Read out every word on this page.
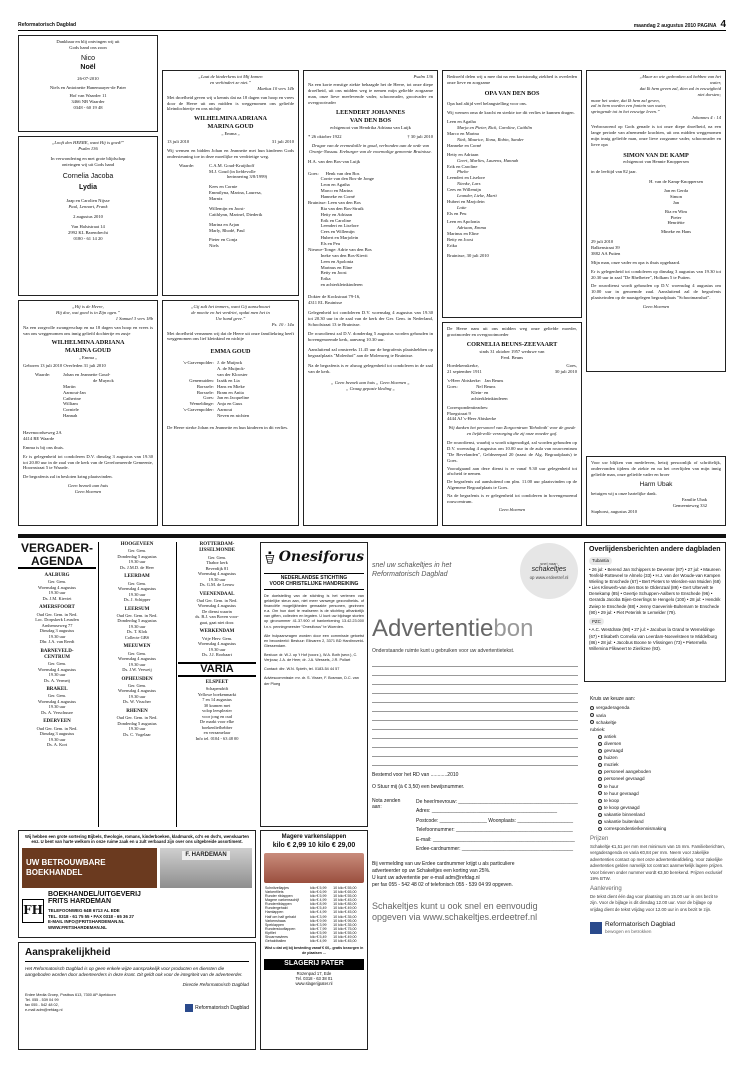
Reformatorisch Dagblad	maandag 2 augustus 2010 PAGINA 4
Dankbaar en blij ontvingen wij uit
Gods hand ons zoon
Nico
Noël
26-07-2010
Niels en Antoinette Hanemaayer-de Pater
Hof van Waarder 11
3466 NB Waarder
0348 - 60 19 48
„Looft den HEERE, want Hij is goed!”
Psalm 136
In verwondering en met grote blijdschap
ontvingen wij uit Gods hand
Cornelia Jacoba
Lydia
Jaap en Carolien Nijsse
Paul, Lennart, Frank
2 augustus 2010
Van Halststraat 14
2992 KL Barendrecht
0180 - 61 14 20
„Hij is de Heere,
Hij doe, wat goed is in Zijn ogen.”
1 Samuel 3 vers 18b
Na een zorgvolle zwangerschap en na 18 dagen van hoop en vrees is van ons weggenomen ons innig geliefd dochtertje en zusje
WILHELMINA ADRIANA
MARINA GOUD
„ Emma „
Geboren 13 juli 2010 Overleden 31 juli 2010
Waarde:	Johan en Jeannette Goud-
de Muynck
Martin
Aarnout-Jan
Catherine
William
Corniele
Hannah
Havenoordseweg 2A
4414 RE Waarde
Emma is bij ons thuis.
Er is gelegenheid tot condoleren D.V. dinsdag 3 augustus van 19.30 tot 20.00 uur in de zaal van de kerk van de Gereformeerde Gemeente, Hoornstraat 5 te Waarde.
De begrafenis zal in besloten kring plaatsvinden.
Geen bezoek aan huis
Geen bloemen
„Laat de kinderkens tot Mij komen
en verhindert ze niet.”
Markus 10 vers 14b
Met droefheid geven wij u kennis dat na 18 dagen van hoop en vrees door de Heere uit ons midden is weggenomen ons geliefde kleindochtertje en ons nichtje
WILHELMINA ADRIANA
MARINA GOUD
„ Emma „
13 juli 2010	31 juli 2010
Wij wensen en bidden Johan en Jeannette met hun kinderen Gods ondersteuning toe in deze moeilijke en verdrietige weg.
Waarde:	C.A.M. Goud-Kruijthoff
M.J. Goud (in liefdevolle
herinnering 3/8/1999)
Kees en Cornie
Emmilyna, Marina, Lauresa,
Marnix
Willemijn en Joost-
Caithlynn, Marinel, Diederik
Marina en Arjan
Marly, Rhodé, Paul
Pieter en Conja
Niels
„Gij zult het immers, want Gij aanschouwt
de moeite en het verdriet, opdat men het in
Uw hand geve.”
Ps. 10 : 14a
Met droefheid vernamen wij dat de Heere uit onze familiekring heeft weggenomen ons lief kleinkind en nichtje
EMMA GOUD
's-Gravenpolder: J. de Muijnck
A. de Muijnck-
van der Klooster
Genemuiden: Izaäk en Lia
Borssele: Hans en Mieke
Borssele: Bram en Anita
Goes: Jan en Jacqueline
Wemeldinge: Anja en Guus
's-Gravenpolder: Aarnout
Neven en nichten
De Heere sterke Johan en Jeannette en hun kinderen in dit verlies.
Psalm 136
Na een korte ernstige ziekte behaagde het de Heere, tot onze diepe droefheid, uit ons midden weg te nemen mijn geliefde zorgzame man, onze lieve meelevende vader, schoonvader, grootvader en overgrootvader
LEENDERT JOHANNES
VAN DEN BOS
echtgenoot van Hendrika Adriana van Luijk
* 26 oktober 1922	† 30 juli 2010
Dragar van de eremedaille in goud, verbonden aan de orde van Oranje-Nassau. Ereburger van de voormalige gemeente Bruinisse.
H.A. van den Bos-van Luijk

Goes:      Henk van den Bos
Corrie van den Bos-de Jonge
Leon en Agatha
Marco en Marina
Hanneke en Corné
Bruinisse: Leen van den Bos
Ria van den Bos-Struik
Hetty en Adriaan
Erik en Caroline
Leendert en Liselore
Cees en Willemijn
Hubert en Marjolein
Els en Peu
Nieuwe-Tonge: Adrie van den Bos
Ineke van den Bos-Kievit
Leen en Apolonia
Marinus en Eline
Betty en Joost
Erika
en achterkleinkinderen
Dokter de Kockstraat 79-16,
4311 EL Bruinisse
Gelegenheid tot condoleren D.V. woensdag 4 augustus van 19.30 tot 20.30 uur in de zaal van de kerk der Ger. Gem. in Nederland, Schoolstraat 13 te Bruinisse.
De rouwdienst zal D.V. donderdag 5 augustus worden gehouden in bovengenoemde kerk, aanvang 10.30 uur.
Aansluitend zal omstreeks 11.45 uur de begrafenis plaatshebben op begraafplaats "Molenhof" aan de Molenweg te Bruinisse.
Na de begrafenis is er alsnog gelegenheid tot condoleren in de zaal van de kerk.
„ Geen bezoek aan huis „ Geen bloemen „
„ Graag gepaste kleding „
Bedroefd delen wij u mee dat na een kortstondig ziekbed is overleden onze lieve en zorgzame
OPA VAN DEN BOS
Opa had altijd veel belangstelling voor ons.
Wij wensen oma de kracht en sterkte toe dit verlies te kunnen dragen.
Leen en Agatha
Marja en Pieter, Rick, Caroline, Caithlin
Marco en Marina
Niek, Maurice, Ilona, Robin, Sander
Hanneke en Corné
Hetty en Adriaan
Geert, Marlies, Laurens, Hannah
Erik en Caroline
Phebe
Leendert en Liselore
Nienke, Lars
Cees en Willemijn
Leander, Lieke, Marti
Hubert en Marjolein
Lotte
Els en Peu
Leen en Apolonia
Adriaan, Emma
Marinus en Eline
Betty en Joost
Erika
Bruinisse, 30 juli 2010
De Heere nam uit ons midden weg onze geliefde moeder, grootmoeder en overgrootmoeder
CORNELIA BEUNS-ZEEVAART
sinds 31 oktober 1957 weduwe van
Ferd. Beuns
Hoedekenskerke,	Goes,
21 september 1911	30 juli 2010
's-Heer Abtskerke:   Jan Beuns
Goes:                Nel Beuns
Klein- en
achterkleinkinderen
Correspondentieadres:
Ploegstraat 9
4444 AJ 's-Heer Abtskerke
Wij danken het personeel van Zorgcentrum 'Rehoboth' voor de goede en liefdevolle verzorging die zij onze moeder gaf.
De rouwdienst, waarbij u wordt uitgenodigd, zal worden gehouden op D.V. woensdag 4 augustus om 10.00 uur in de aula van rouwcentrum "De Bevelanden", Geldezeepad 20 (naast de Alg. Begraafplaats) te Goes.
Voorafgaand aan deze dienst is er vanaf 9.30 uur gelegenheid tot afscheid te nemen.
De begrafenis zal aansluitend om plm. 11.00 uur plaatsvinden op de Algemene Begraafplaats te Goes.
Na de begrafenis is er gelegenheid tot condoleren in bovengenoemd rouwcentrum.
Geen bloemen
„Maar zo wie gedronken zal hebben van het
water,
dat Ik hem geven zal, dien zal in eeuwigheid
niet dorsten;
maar het water, dat Ik hem zal geven,
zal in hem worden een fontein van water,
springende tot in het eeuwige leven.”
Johannes 4 : 14
Verbrouwend op Gods genade is tot onze diepe droefheid, na een lange periode van afnemende krachten, uit ons midden weggenomen mijn innig geliefde man, onze lieve zorgzame vader, schoonvader en lieve opa
SIMON VAN DE KAMP
echtgenoot van Hennie Knoppersen
in de leeftijd van 82 jaar.
H. van de Kamp-Knoppersen
Jan en Gerda
Simon
Jan
Ria en Wim
Pieter
Henriëtte
Mineke en Hans
29 juli 2010
Balkenstraat 39
3882 AA Putten
Mijn man, onze vader en opa is thuis opgebaard.
Er is gelegenheid tot condoleren op dinsdag 3 augustus van 19.30 tot 20.30 uur in zaal "De Rhelbetee", Holkam 5 te Putten.
De rouwdienst wordt gehouden op D.V. woensdag 4 augustus om 10.00 uur in genoemde zaal. Aansluitend zal de begrafenis plaatsvinden op de naastgelegen begraafplaats "Schootmanshof".
Geen bloemen
Voor uw blijken van medeleven, hetzij persoonlijk of schriftelijk, ondervonden tijdens de ziekte en na het overlijden van mijn innig geliefde man, onze geliefde vader en broer
Harm Ubak
betuigen wij u onze hartelijke dank.
Familie Ubak
Gemeenteweg 332
Staphorst, augustus 2010
VERGADER-
AGENDA
AALBURG
Ger. Gem.
Woensdag 4 augustus
19.30 uur
Ds. J.M. Kieviet
AMERSFOORT
Oud Ger. Gem. in Ned.
Loc. Dorpskerk Leusden
Arnhemseweg 77
Dinsdag 3 augustus
19.30 uur
Dhr. J.A. van Reedt
BARNEVELD-
CENTRUM
Ger. Gem.
Woensdag 4 augustus
19.30 uur
Ds. A. Vermeij
BRAKEL
Ger. Gem.
Woensdag 4 augustus
19.30 uur
Ds. A. Verschuure
EDERVEEN
Oud Ger. Gem. in Ned.
Dinsdag 3 augustus
19.30 uur
Ds. A. Kort
HOOGEVEEN
Ger. Gem.
Donderdag 5 augustus
19.30 uur
Ds. J.M.D. de Heer
LEERDAM
Ger. Gem.
Woensdag 4 augustus
19.30 uur
Ds. J. Schipper
LEERSUM
Oud Ger. Gem. in Ned.
Donderdag 5 augustus
19.30 uur
Ds. T. Klok
Collecte GBS
MEEUWEN
Ger. Gem.
Woensdag 4 augustus
19.30 uur
Ds. J.W. Verweij
OPHEUSDEN
Ger. Gem.
Woensdag 4 augustus
19.30 uur
Ds. W. Visscher
RHENEN
Oud Ger. Gem. in Ned.
Donderdag 5 augustus
19.30 uur
Ds. C. Vogelaar
ROTTERDAM-
IJSSELMONDE
Ger. Gem.
Thabor kerk
Beverdijk 81
Woensdag 4 augustus
19.30 uur
Ds. G.M. de Leeuw
VEENENDAAL
Oud Ger. Gem. in Ned.
Woensdag 4 augustus
De dienst waarin
ds. B.J. van Boven voor-
gaat, gaat niet door.
WERKENDAM
Vrije Herv. Gem.
Woensdag 4 augustus
19.30 uur
Ds. J.J. Roobaart
VARIA
ELSPEET
Schapendrift
Yellowe boekenmarkt
7 en 14 augustus
30 kramen met
volop leesplezier
voor jong en oud
De markt voor elke
boekenliefhebber
en verzamelaar
Info tel. 0104 - 63 48 00
Onesiforus
NEDERLANDSE STICHTING
VOOR CHRISTELIJKE HANDREIKING
De doelstelling van de stichting is het verlenen van geldelijke steun aan, niet meer vanwege gezondheids- of financiële mogelijkheden gemaakte personen, gezinnen e.a. Om hun doel te realiseren is de stichting afhankelijk van giften, collecten en legaten. U kunt uw bijdrage storten op gironummer 41.37.900 of bankrekening 13.42.23.000 t.n.v. penningmeester "Onesiforus" te Woerden.
Alle hulpaanvragen worden door een commissie getoetst en beoordeeld: Bestuur: Eikvaren 2, 3371 BD Hardinxveld-Giessendam.
Bestuur: dr. W.J. op 't Hof (voorz.), W.A. Both (secr.), C. Verjouw, J.A. de Heer, dr. J.A. Wessels, J.R. Pollart
Contact: dhr. W.N. Spieth, tel. 0183-54 44 57
Adviescommissie: mr. dr. S. Visser, F. Bosman, D.C. van der Ploeg
Wij hebben een grote sortering Bijbels, theologie, romans, kinderboeken, kladmarok, cd's en dvd's, wenskaarten enz. U bent van harte welkom in onze ruime zaak en u zult verbaasd zijn over ons uitgebreide assortiment.
UW BETROUWBARE BOEKHANDEL
F. HARDEMAN
FH
BOEKHANDEL/UITGEVERIJ
FRITS HARDEMAN
TELEFOONWEG 64B 6713 AL EDE
TEL. 0318 - 61 75 55 • FAX 0318 - 65 36 27
E-MAIL INFO@FRITSHARDEMAN.NL
WWW.FRITSHARDEMAN.NL
Aansprakelijkheid
Het Reformatorisch Dagblad is op geen enkele wijze aansprakelijk voor producten en diensten die aangeboden worden door adverteerders in deze krant. Dit geldt ook voor de integriteit van de adverteerder.
Directie Reformatorisch Dagblad
Erdee Media Groep, Postbus 613, 7300 AP Apeldoorn
Tel. 055 - 539 04 99
fax 055 - 542 48 02,
e-mail adm@refdag.nl	Reformatorisch Dagblad
Magere varkenslappen
kilo € 2,99 10 kilo € 29,00
Schnitzellapjes	kilo € 5,99	10 kilo € 55,00
Varkenfilets	kilo € 6,99	10 kilo € 65,00
Runder riblappen	kilo € 5,99	10 kilo € 55,00
Magere varkensschijf	kilo € 4,99	10 kilo € 45,00
Runderriblappen	kilo € 8,99	10 kilo € 85,00
Rundergehakt	kilo € 5,49	10 kilo € 49,00
Hamlappen	kilo € 4,99	10 kilo € 45,00
Half om half gehakt	kilo € 3,99	10 kilo € 35,00
Varkenshaas	kilo € 9,99	10 kilo € 95,00
Speklappen	kilo € 3,99	10 kilo € 35,00
Runderstooflappen	kilo € 7,99	10 kilo € 75,00
Kipfilet	kilo € 5,99	10 kilo € 55,00
Shoarmavlees	kilo € 5,49	10 kilo € 49,00
Gehaktballen	kilo € 4,99	10 kilo € 45,00
Wist u dat wij bij besteding vanaf € 60,- gratis bezorgen in de plaatsen ...
SLAGERIJ PATER
Rozenpad 17, Ede
Tel. 0318 - 63 38 01
www.slagerijpater.nl
snel uw schakeltjes in het
Reformatorisch Dagblad
snel naar:
schakeltjes
op www.erdeetref.nl
Advertentiebon
Onderstaande ruimte kunt u gebruiken voor uw advertentietekst.
Bestemd voor het RD van ............2010
O Stuur mij (à € 3,50) een bewijsnummer.
Nota zenden aan:
De heer/mevrouw: ___________________________________________
Adres: _____________________________________________
Postcode: _________________ Woonplaats: ____________________
Telefoonnummer: __________________________________________
E-mail: ___________________________________________________
Erdee-cardnummer: ________________________________________
Bij vermelding van uw Erdee cardnummer krijgt u als particuliere
adverteerder op uw Schakeltjes een korting van 25%.
U kunt uw advertentie per e-mail adm@refdag.nl
per fax 055 - 542 48 02 of telefonisch 055 - 539 04 99 opgeven.
Schakeltjes kunt u ook snel en eenvoudig
opgeven via www.schakeltjes.erdeetref.nl
Overlijdensberichten andere dagbladen
Tubantia
• 26 jul: • Berend Jan Schippers te Deventer (87) • 27 jul: • Maureen Tenfeld-Rotteveel te Almelo (33) • H.J. van der Woude-van Kampen Wieling te Enschede (67) • Bert Pieters te Wierden-van Muiden (68) • Lies Klinwerb-van den Bos te Oldenzaal (89) • Gert Ultervelt te Denekamp (85) • Geertje Schuppen-Aalbers te Enschede (96) • Gerarda Jacoba Bijen-Geerlings te Hengelo (100) • 28 jul: • Hendrik Zwiep te Enschede (88) • Jenny Gaeverink-Bultemam te Enschede (90) • 29 jul: • Piet Peterink te Lemelder (79).
PZC
• A.C. Westdrate (98) • 27 jul: • Jacobus la Grand te Wemeldinge (67) • Elisabeth Cornelia van Leerdam-Noevelsteen te Middelburg (86) • 28 jul: • Jacobus Boone te Vlissingen (73) • Pieternella Willemina Flikweert te Zierikzee (93).
Kruis uw keuze aan:
vergaderagenda
varia
schakeltje
rubriek:
antiek
diversen
gevraagd
huizen
muziek
personeel aangeboden
personeel gevraagd
te huur
te huur gevraagd
te koop
te koop gevraagd
vakantie binnenland
vakantie buitenland
correspondentie/kennismaking
Prijzen
Schakeltje €1,51 per mm met minimum van 15 mm. Familieberichten, vergaderagenda en varia €0,84 per mm. Neem voor zakelijke advertenties contact op met onze advertentieafdeling. Voor zakelijke advertenties gelden namelijk tot contract aanmerkelijk lagere prijzen. Voor brieven onder nummer wordt €3,50 berekend. Prijzen exclusief 19% BTW.
Aanlevering
De tekst dient één dag voor plaatsing om 15.00 uur in ons bezit te zijn. Voor de bijlage is dit dinsdag 12.00 uur. Voor de bijlage op vrijdag dient de tekst vrijdag voor 12.00 uur in ons bezit te zijn.
Reformatorisch Dagblad
bewogen en betrokken
